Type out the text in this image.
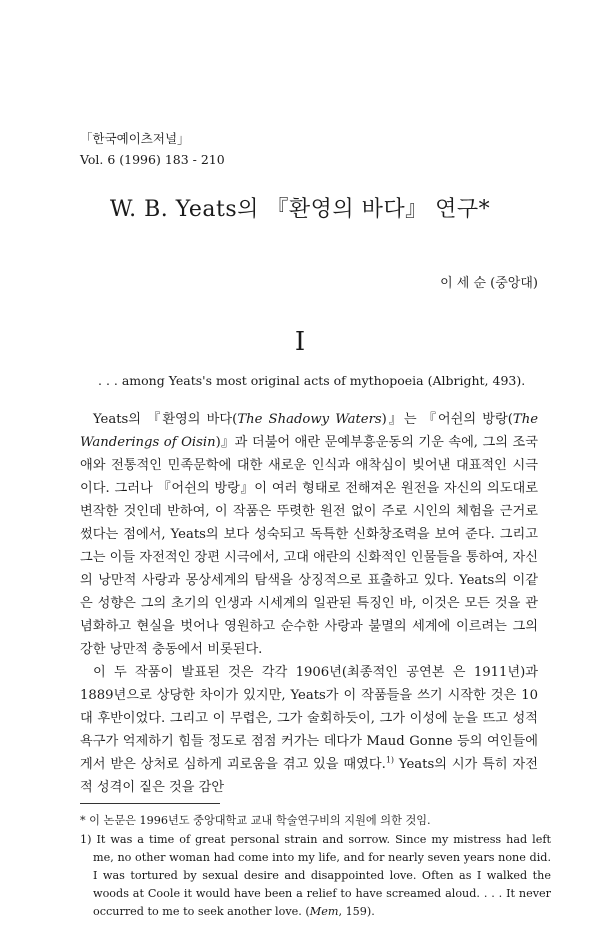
「한국예이츠저널」
Vol. 6 (1996) 183 - 210
W. B. Yeats의 『환영의 바다』 연구*
이 세 순 (중앙대)
I
. . . among Yeats's most original acts of mythopoeia (Albright, 493).

Yeats의 『환영의 바다(The Shadowy Waters)』는 『어쉰의 방랑(The Wanderings of Oisin)』과 더불어 애란 문예부흥운동의 기운 속에, 그의 조국애와 전통적인 민족문학에 대한 새로운 인식과 애착심이 빚어낸 대표적인 시극이다. 그러나 『어쉰의 방랑』이 여러 형태로 전해져온 원전을 자신의 의도대로 변작한 것인데 반하여, 이 작품은 뚜렷한 원전 없이 주로 시인의 체험을 근거로 썼다는 점에서, Yeats의 보다 성숙되고 독특한 신화창조력을 보여 준다. 그리고 그는 이들 자전적인 장편 시극에서, 고대 애란의 신화적인 인물들을 통하여, 자신의 낭만적 사랑과 몽상세계의 탐색을 상징적으로 표출하고 있다. Yeats의 이같은 성향은 그의 초기의 인생과 시세계의 일관된 특징인 바, 이것은 모든 것을 관념화하고 현실을 벗어나 영원하고 순수한 사랑과 불멸의 세계에 이르려는 그의 강한 낭만적 충동에서 비롯된다.

이 두 작품이 발표된 것은 각각 1906년(최종적인 공연본 은 1911년)과 1889년으로 상당한 차이가 있지만, Yeats가 이 작품들을 쓰기 시작한 것은 10대 후반이었다. 그리고 이 무렵은, 그가 술회하듯이, 그가 이성에 눈을 뜨고 성적 욕구가 억제하기 힘들 정도로 점점 커가는 데다가 Maud Gonne 등의 여인들에게서 받은 상처로 심하게 괴로움을 겪고 있을 때였다.$^{1)}$ Yeats의 시가 특히 자전적 성격이 짙은 것을 감안

* 이 논문은 1996년도 중앙대학교 교내 학술연구비의 지원에 의한 것임.
1) It was a time of great personal strain and sorrow. Since my mistress had left me, no other woman had come into my life, and for nearly seven years none did. I was tortured by sexual desire and disappointed love. Often as I walked the woods at Coole it would have been a relief to have screamed aloud. . . . It never occurred to me to seek another love. (Mem, 159).
